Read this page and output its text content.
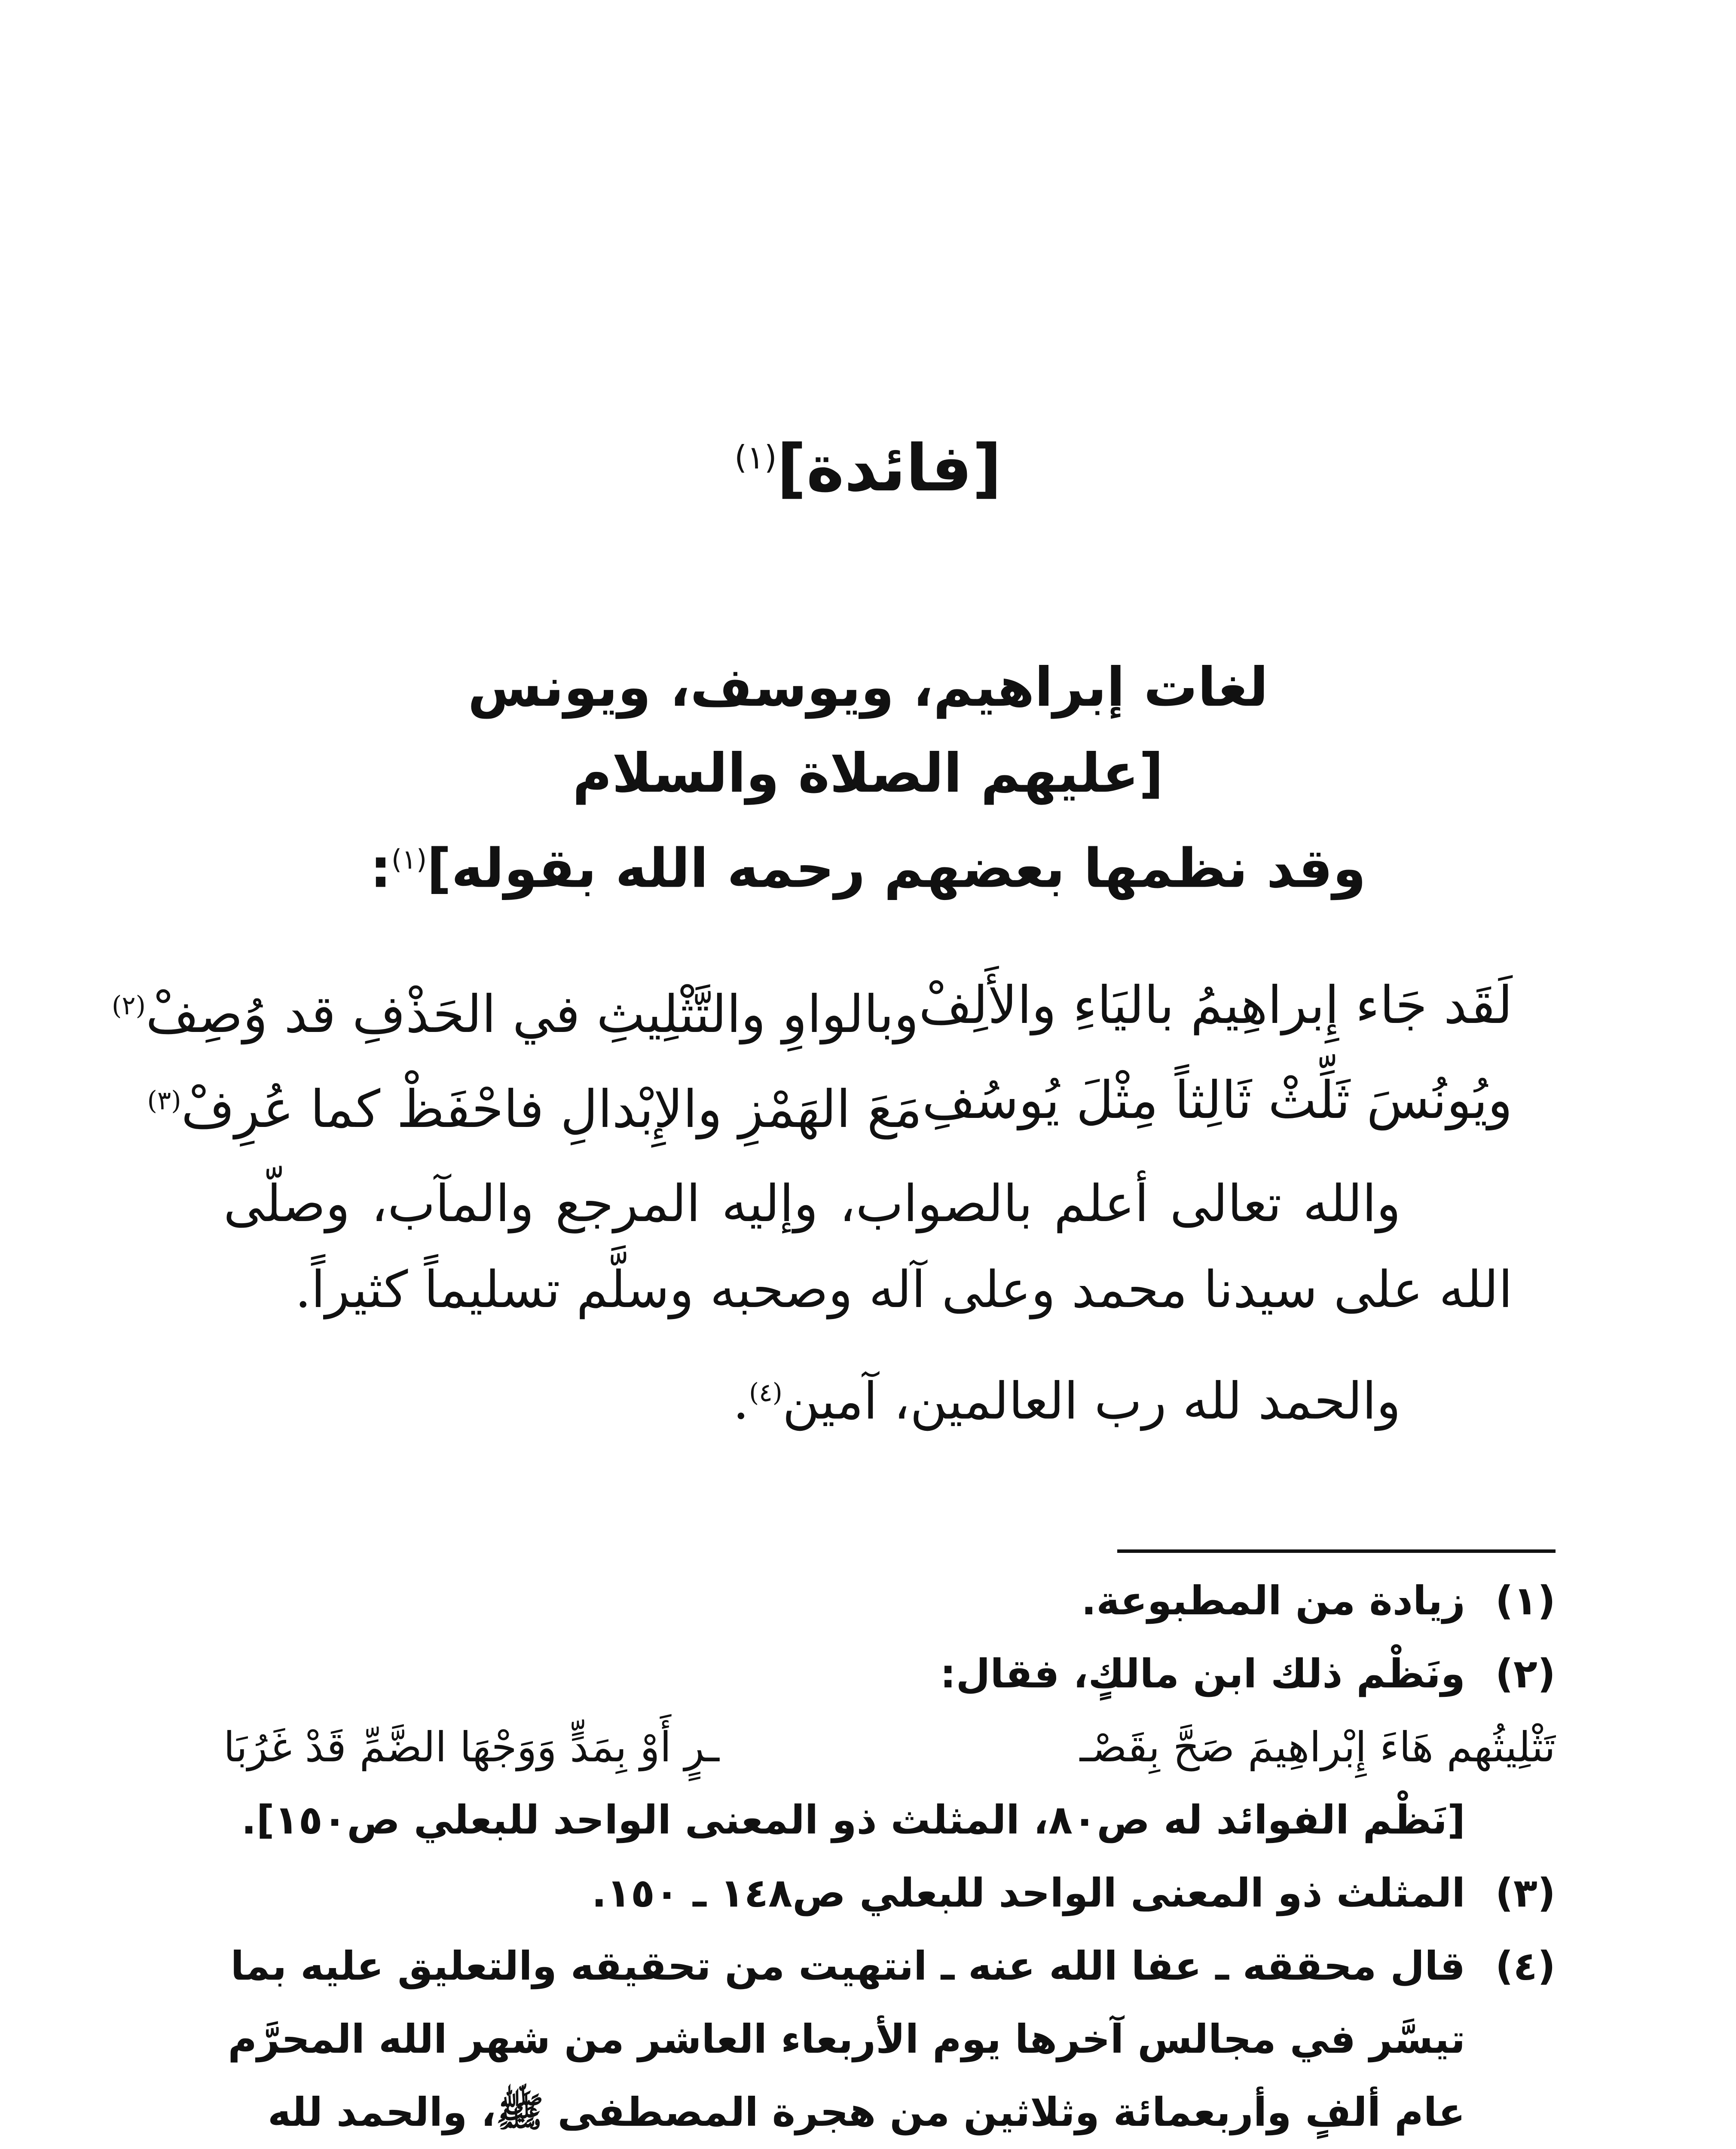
[فائدة]$^{(١)}$
لغات إبراهيم، ويوسف، ويونس
[عليهم الصلاة والسلام
وقد نظمها بعضهم رحمه الله بقوله]$^{(١)}$:
لَقَد جَاء إِبراهِيمُ باليَاءِ والأَلِفْ
وبالواوِ والتَّثْلِيثِ في الحَذْفِ قد وُصِفْ(٢)
ويُونُسَ ثَلِّثْ ثَالِثاً مِثْلَ يُوسُفِ
مَعَ الهَمْزِ والإِبْدالِ فاحْفَظْ كما عُرِفْ(٣)

والله تعالى أعلم بالصواب، وإليه المرجع والمآب، وصلّى الله على سيدنا محمد وعلى آله وصحبه وسلَّم تسليماً كثيراً.

والحمد لله رب العالمين، آمين$^{(٤)}$.

(١)
زيادة من المطبوعة.
(٢)
ونَظْم ذلك ابن مالكٍ، فقال:
تَثْلِيثُهم هَاءَ إِبْراهِيمَ صَحَّ بِقَصْـ
ـرٍ أَوْ بِمَدٍّ وَوَجْهَا الضَّمِّ قَدْ غَرُبَا
[نَظْم الفوائد له ص٨٠، المثلث ذو المعنى الواحد للبعلي ص١٥٠].
(٣)
المثلث ذو المعنى الواحد للبعلي ص١٤٨ ـ ١٥٠.
(٤)
قال محققه ـ عفا الله عنه ـ انتهيت من تحقيقه والتعليق عليه بما تيسَّر في مجالس آخرها يوم الأربعاء العاشر من شهر الله المحرَّم عام ألفٍ وأربعمائة وثلاثين من هجرة المصطفى ﷺ، والحمد لله
